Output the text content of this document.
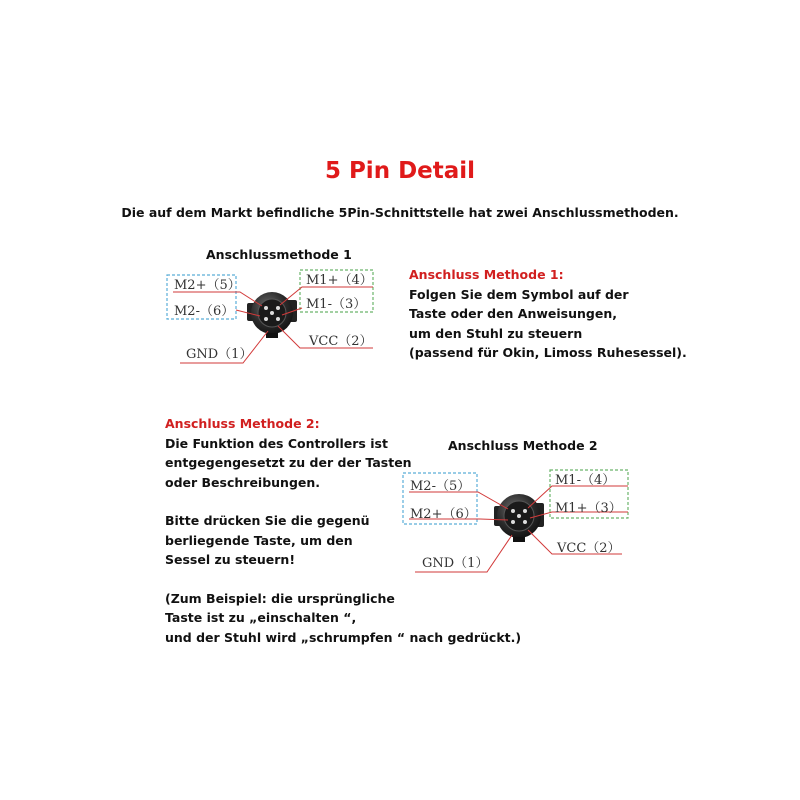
5 Pin Detail
Die auf dem Markt befindliche 5Pin-Schnittstelle hat zwei Anschlussmethoden.
Anschlussmethode 1
Anschluss Methode 2

Anschluss Methode 1:

Folgen Sie dem Symbol auf der

Taste oder den Anweisungen,

um den Stuhl zu steuern

(passend für Okin, Limoss Ruhesessel).

Anschluss Methode 2:

Die Funktion des Controllers ist

entgegengesetzt zu der der Tasten

oder Beschreibungen.

Bitte drücken Sie die gegenü

berliegende Taste, um den

Sessel zu steuern!

(Zum Beispiel: die ursprüngliche

Taste ist zu „einschalten “,

und der Stuhl wird „schrumpfen “ nach gedrückt.)

M2+（5）
M2-（6）
M1+（4）
M1-（3）
VCC（2）
GND（1）
M2-（5）
M2+（6）
M1-（4）
M1+（3）
VCC（2）
GND（1）
